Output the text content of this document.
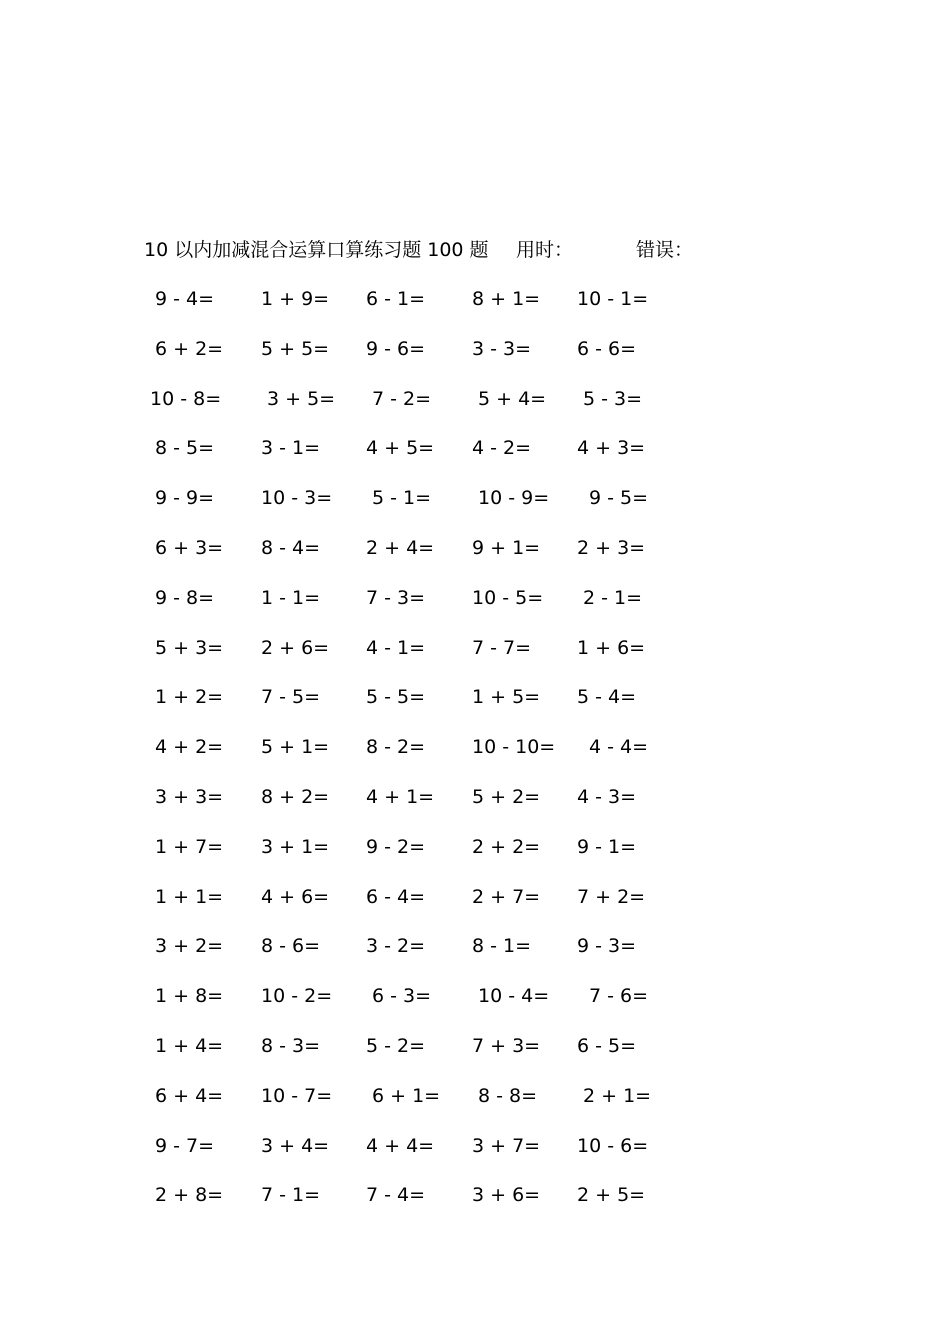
10 以内加减混合运算口算练习题 100 题 用时：	错误：
9 - 4= 1 + 9= 6 - 1= 8 + 1= 10 - 1=
6 + 2= 5 + 5= 9 - 6= 3 - 3= 6 - 6=
10 - 8= 3 + 5= 7 - 2= 5 + 4= 5 - 3=
8 - 5= 3 - 1= 4 + 5= 4 - 2= 4 + 3=
9 - 9= 10 - 3= 5 - 1= 10 - 9= 9 - 5=
6 + 3= 8 - 4= 2 + 4= 9 + 1= 2 + 3=
9 - 8= 1 - 1= 7 - 3= 10 - 5= 2 - 1=
5 + 3= 2 + 6= 4 - 1= 7 - 7= 1 + 6=
1 + 2= 7 - 5= 5 - 5= 1 + 5= 5 - 4=
4 + 2= 5 + 1= 8 - 2= 10 - 10= 4 - 4=
3 + 3= 8 + 2= 4 + 1= 5 + 2= 4 - 3=
1 + 7= 3 + 1= 9 - 2= 2 + 2= 9 - 1=
1 + 1= 4 + 6= 6 - 4= 2 + 7= 7 + 2=
3 + 2= 8 - 6= 3 - 2= 8 - 1= 9 - 3=
1 + 8= 10 - 2= 6 - 3= 10 - 4= 7 - 6=
1 + 4= 8 - 3= 5 - 2= 7 + 3= 6 - 5=
6 + 4= 10 - 7= 6 + 1= 8 - 8= 2 + 1=
9 - 7= 3 + 4= 4 + 4= 3 + 7= 10 - 6=
2 + 8= 7 - 1= 7 - 4= 3 + 6= 2 + 5=
